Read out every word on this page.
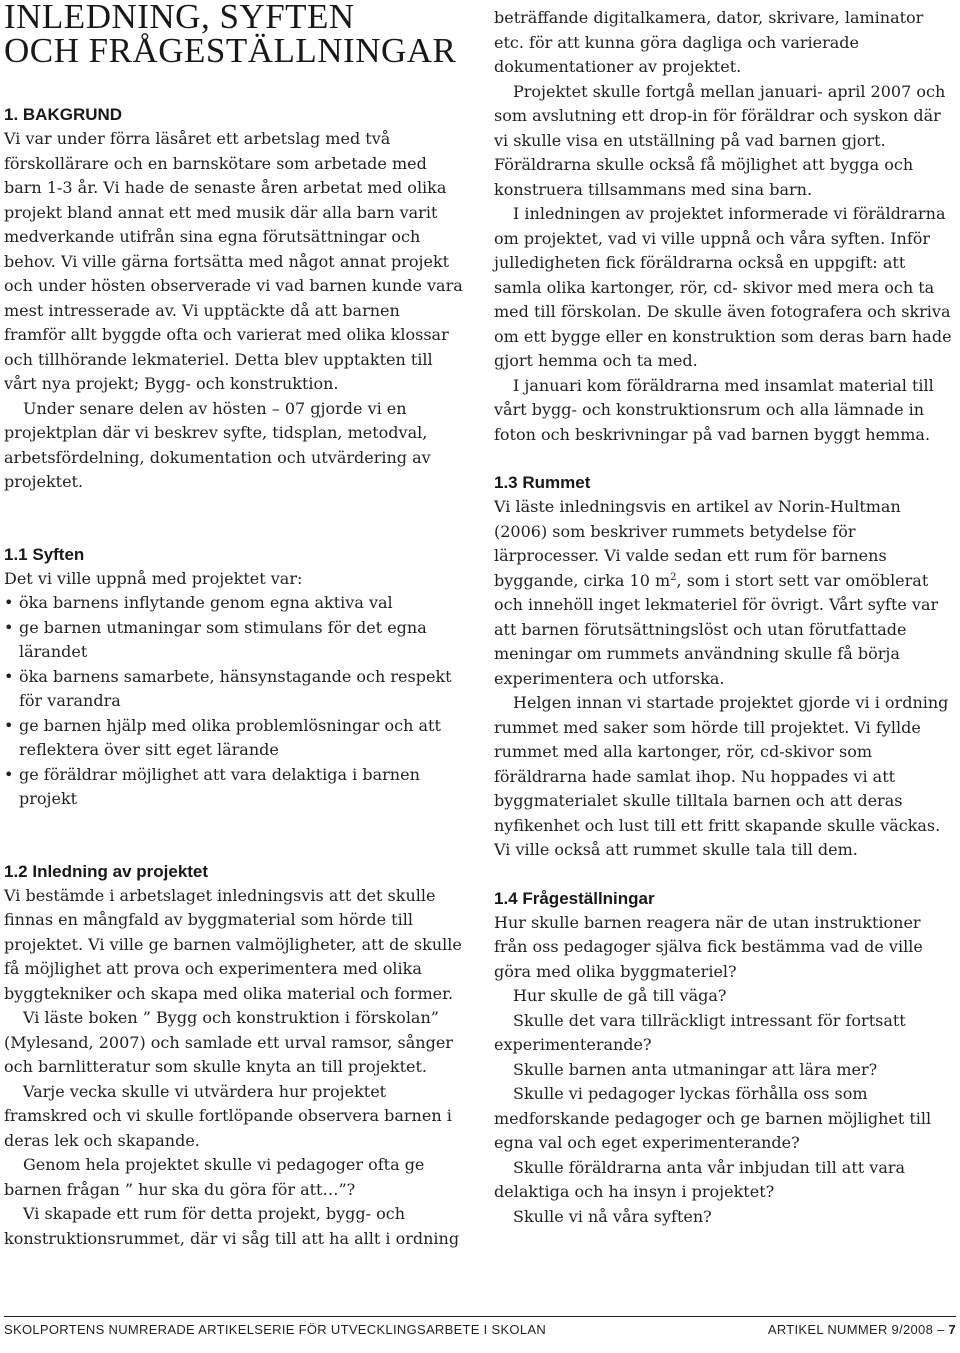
INLEDNING, SYFTEN
OCH FRÅGESTÄLLNINGAR
1. BAKGRUND

Vi var under förra läsåret ett arbetslag med två förskollärare och en barnskötare som arbetade med barn 1-3 år. Vi hade de senaste åren arbetat med olika projekt bland annat ett med musik där alla barn varit medverkande utifrån sina egna förutsättningar och behov. Vi ville gärna fortsätta med något annat projekt och under hösten observerade vi vad barnen kunde vara mest intresserade av. Vi upptäckte då att barnen framför allt byggde ofta och varierat med olika klossar och tillhörande lekmateriel. Detta blev upptakten till vårt nya projekt; Bygg- och konstruktion.

Under senare delen av hösten – 07 gjorde vi en projektplan där vi beskrev syfte, tidsplan, metodval, arbetsfördelning, dokumentation och utvärdering av projektet.

1.1 Syften

Det vi ville uppnå med projektet var:

• öka barnens inflytande genom egna aktiva val
• ge barnen utmaningar som stimulans för det egna lärandet
• öka barnens samarbete, hänsynstagande och respekt för varandra
• ge barnen hjälp med olika problemlösningar och att reflektera över sitt eget lärande
• ge föräldrar möjlighet att vara delaktiga i barnen projekt
1.2 Inledning av projektet

Vi bestämde i arbetslaget inledningsvis att det skulle finnas en mångfald av byggmaterial som hörde till projektet. Vi ville ge barnen valmöjligheter, att de skulle få möjlighet att prova och experimentera med olika byggtekniker och skapa med olika material och former.

Vi läste boken ” Bygg och konstruktion i förskolan” (Mylesand, 2007) och samlade ett urval ramsor, sånger och barnlitteratur som skulle knyta an till projektet.

Varje vecka skulle vi utvärdera hur projektet framskred och vi skulle fortlöpande observera barnen i deras lek och skapande.

Genom hela projektet skulle vi pedagoger ofta ge barnen frågan ” hur ska du göra för att…”?

Vi skapade ett rum för detta projekt, bygg- och konstruktionsrummet, där vi såg till att ha allt i ordning

beträffande digitalkamera, dator, skrivare, laminator etc. för att kunna göra dagliga och varierade dokumentationer av projektet.

Projektet skulle fortgå mellan januari- april 2007 och som avslutning ett drop-in för föräldrar och syskon där vi skulle visa en utställning på vad barnen gjort. Föräldrarna skulle också få möjlighet att bygga och konstruera tillsammans med sina barn.

I inledningen av projektet informerade vi föräldrarna om projektet, vad vi ville uppnå och våra syften. Inför julledigheten fick föräldrarna också en uppgift: att samla olika kartonger, rör, cd- skivor med mera och ta med till förskolan. De skulle även fotografera och skriva om ett bygge eller en konstruktion som deras barn hade gjort hemma och ta med.

I januari kom föräldrarna med insamlat material till vårt bygg- och konstruktionsrum och alla lämnade in foton och beskrivningar på vad barnen byggt hemma.

1.3 Rummet

Vi läste inledningsvis en artikel av Norin-Hultman (2006) som beskriver rummets betydelse för lärprocesser. Vi valde sedan ett rum för barnens byggande, cirka 10 $m^2$, som i stort sett var omöblerat och innehöll inget lekmateriel för övrigt. Vårt syfte var att barnen förutsättningslöst och utan förutfattade meningar om rummets användning skulle få börja experimentera och utforska.

Helgen innan vi startade projektet gjorde vi i ordning rummet med saker som hörde till projektet. Vi fyllde rummet med alla kartonger, rör, cd-skivor som föräldrarna hade samlat ihop. Nu hoppades vi att byggmaterialet skulle tilltala barnen och att deras nyfikenhet och lust till ett fritt skapande skulle väckas. Vi ville också att rummet skulle tala till dem.

1.4 Frågeställningar

Hur skulle barnen reagera när de utan instruktioner från oss pedagoger själva fick bestämma vad de ville göra med olika byggmateriel?

Hur skulle de gå till väga?

Skulle det vara tillräckligt intressant för fortsatt experimenterande?

Skulle barnen anta utmaningar att lära mer?

Skulle vi pedagoger lyckas förhålla oss som medforskande pedagoger och ge barnen möjlighet till egna val och eget experimenterande?

Skulle föräldrarna anta vår inbjudan till att vara delaktiga och ha insyn i projektet?

Skulle vi nå våra syften?

SKOLPORTENS NUMRERADE ARTIKELSERIE FÖR UTVECKLINGSARBETE I SKOLAN	ARTIKEL NUMMER 9/2008 – 7
